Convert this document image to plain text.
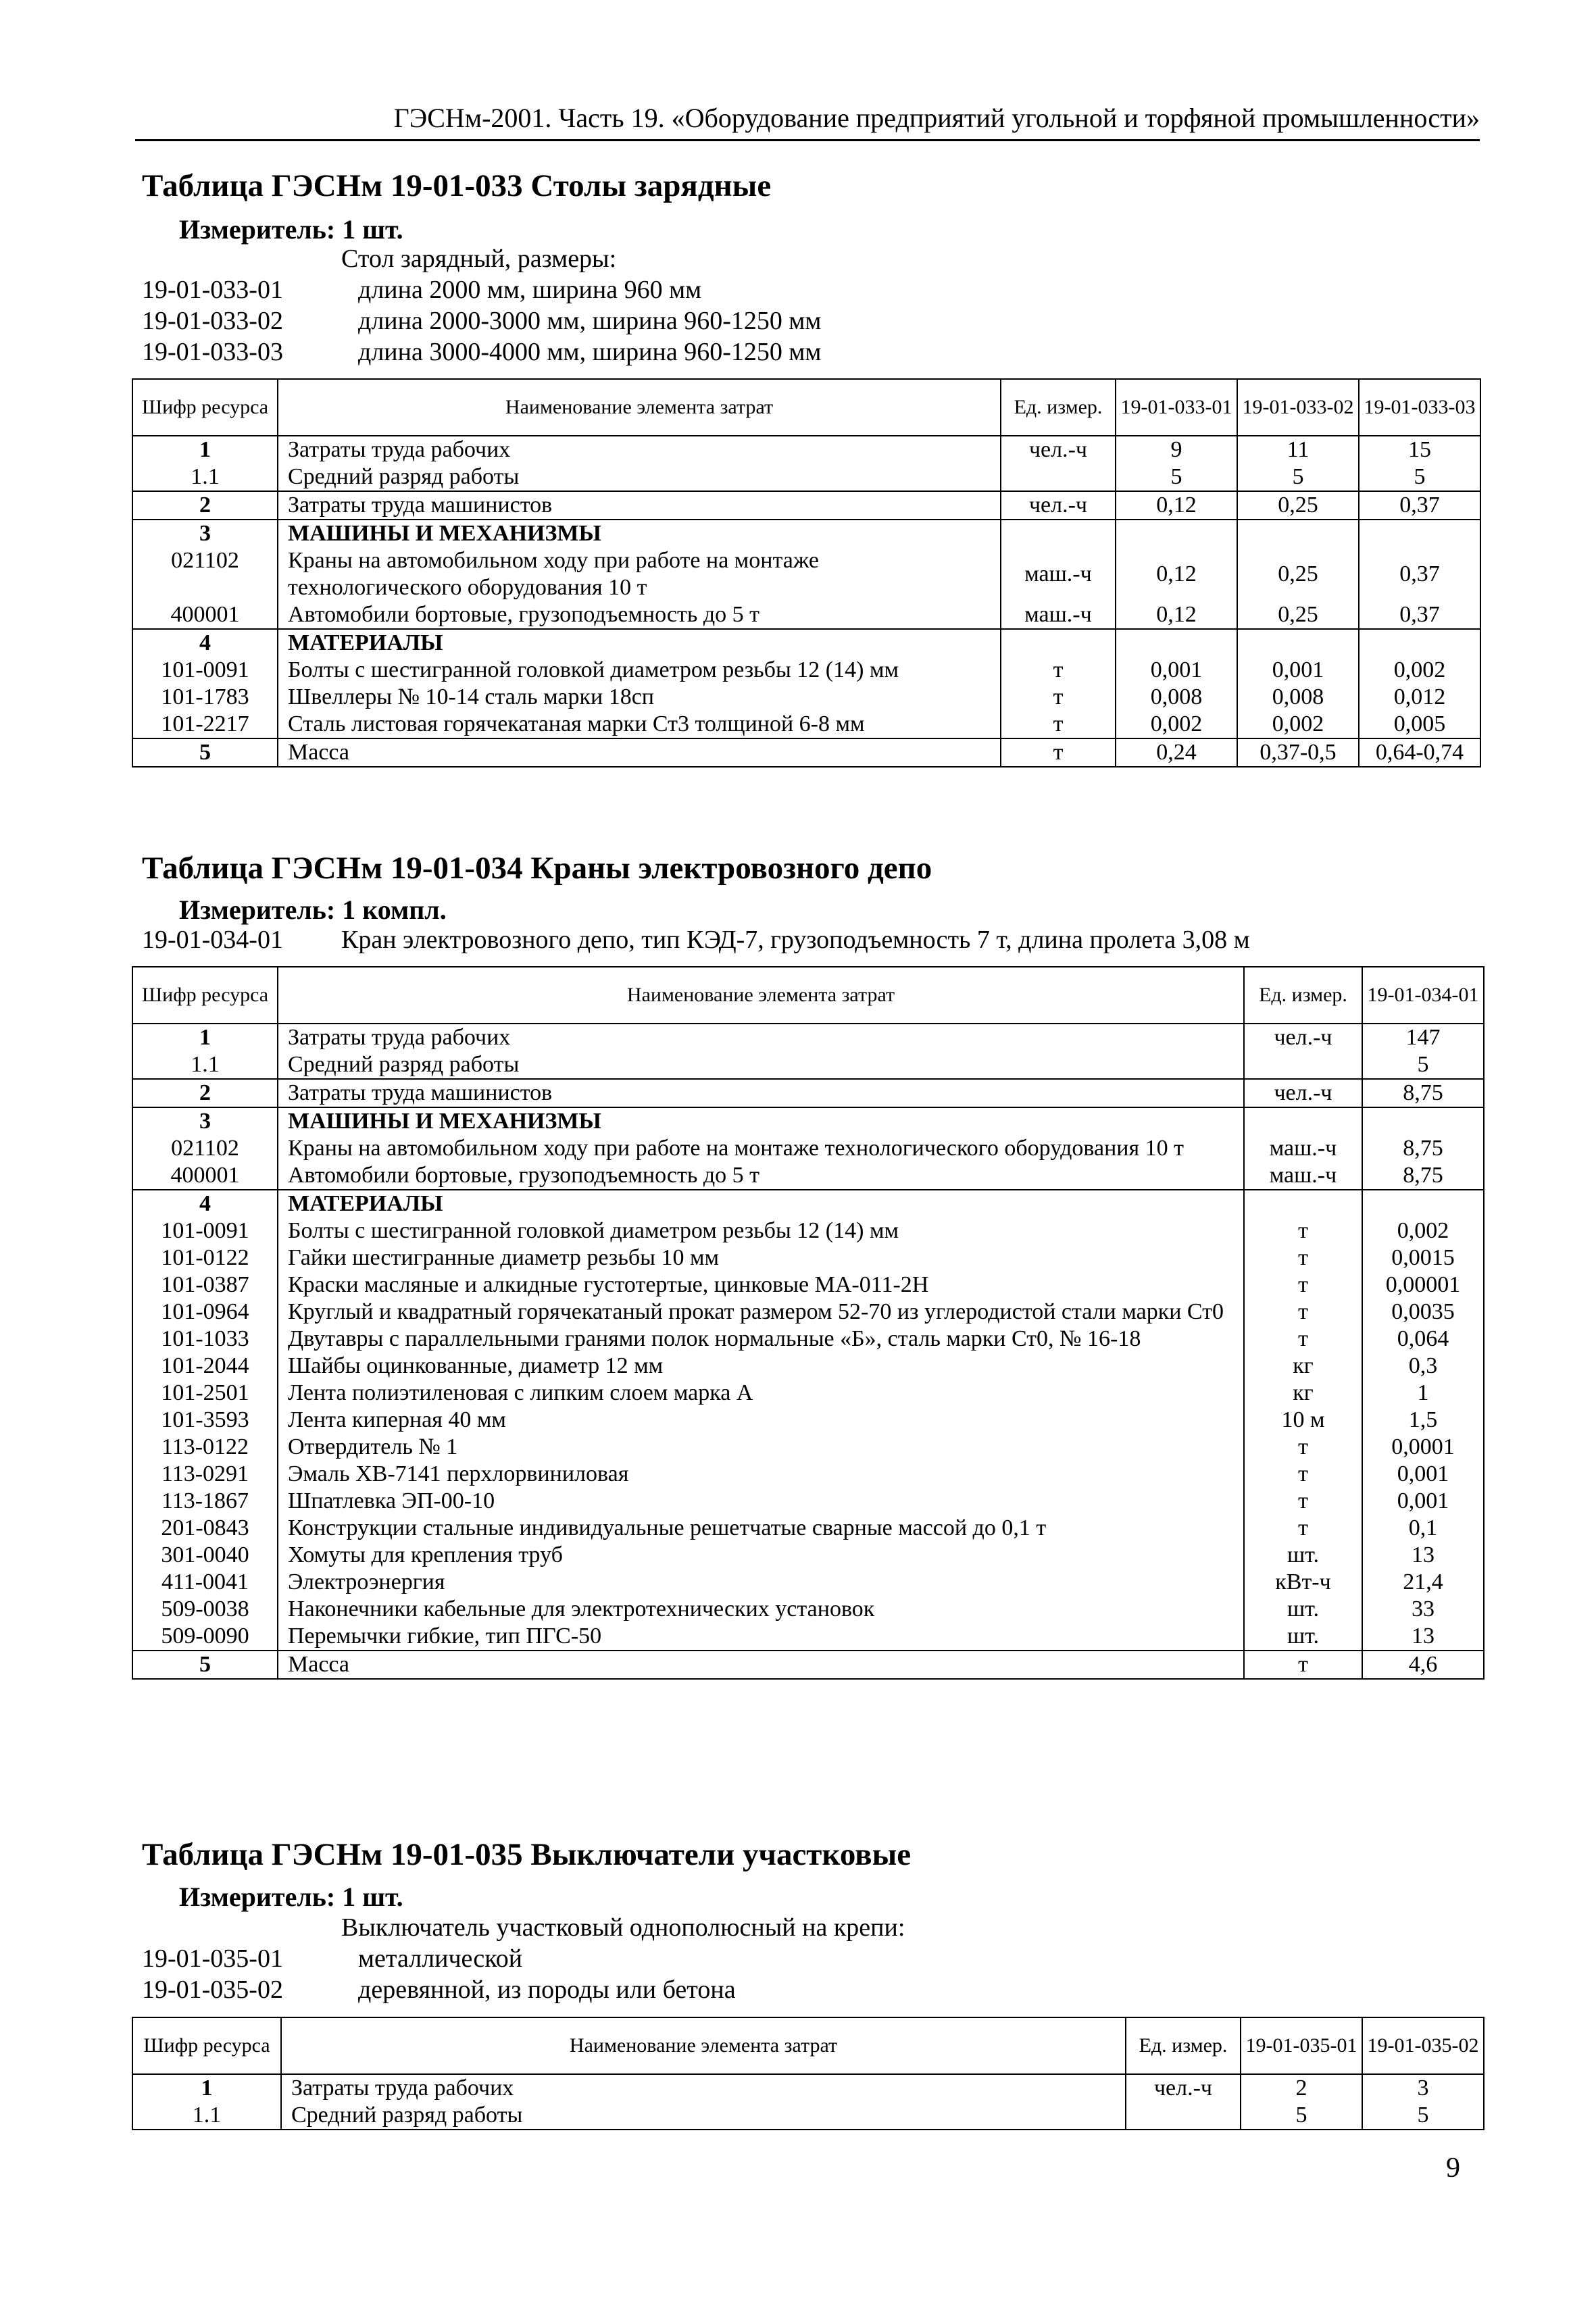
ГЭСНм-2001. Часть 19. «Оборудование предприятий угольной и торфяной промышленности»
Таблица ГЭСНм 19-01-033 Столы зарядные
Измеритель: 1 шт.
Стол зарядный, размеры:
19-01-033-01	длина 2000 мм, ширина 960 мм
19-01-033-02	длина 2000-3000 мм, ширина 960-1250 мм
19-01-033-03	длина 3000-4000 мм, ширина 960-1250 мм
Шифр ресурса	Наименование элемента затрат	Ед. измер.	19-01-033-01	19-01-033-02	19-01-033-03
1	Затраты труда рабочих	чел.-ч	9	11	15
1.1	Средний разряд работы		5	5	5
2	Затраты труда машинистов	чел.-ч	0,12	0,25	0,37
3	МАШИНЫ И МЕХАНИЗМЫ				
021102	Краны на автомобильном ходу при работе на монтаже технологического оборудования 10 т	маш.-ч	0,12	0,25	0,37
400001	Автомобили бортовые, грузоподъемность до 5 т	маш.-ч	0,12	0,25	0,37
4	МАТЕРИАЛЫ				
101-0091	Болты с шестигранной головкой диаметром резьбы 12 (14) мм	т	0,001	0,001	0,002
101-1783	Швеллеры № 10-14 сталь марки 18сп	т	0,008	0,008	0,012
101-2217	Сталь листовая горячекатаная марки Ст3 толщиной 6-8 мм	т	0,002	0,002	0,005
5	Масса	т	0,24	0,37-0,5	0,64-0,74
Таблица ГЭСНм 19-01-034 Краны электровозного депо
Измеритель: 1 компл.
19-01-034-01 Кран электровозного депо, тип КЭД-7, грузоподъемность 7 т, длина пролета 3,08 м
Шифр ресурса	Наименование элемента затрат	Ед. измер.	19-01-034-01
1	Затраты труда рабочих	чел.-ч	147
1.1	Средний разряд работы		5
2	Затраты труда машинистов	чел.-ч	8,75
3	МАШИНЫ И МЕХАНИЗМЫ		
021102	Краны на автомобильном ходу при работе на монтаже технологического оборудования 10 т	маш.-ч	8,75
400001	Автомобили бортовые, грузоподъемность до 5 т	маш.-ч	8,75
4	МАТЕРИАЛЫ		
101-0091	Болты с шестигранной головкой диаметром резьбы 12 (14) мм	т	0,002
101-0122	Гайки шестигранные диаметр резьбы 10 мм	т	0,0015
101-0387	Краски масляные и алкидные густотертые, цинковые МА-011-2Н	т	0,00001
101-0964	Круглый и квадратный горячекатаный прокат размером 52-70 из углеродистой стали марки Ст0	т	0,0035
101-1033	Двутавры с параллельными гранями полок нормальные «Б», сталь марки Ст0, № 16-18	т	0,064
101-2044	Шайбы оцинкованные, диаметр 12 мм	кг	0,3
101-2501	Лента полиэтиленовая с липким слоем марка А	кг	1
101-3593	Лента киперная 40 мм	10 м	1,5
113-0122	Отвердитель № 1	т	0,0001
113-0291	Эмаль ХВ-7141 перхлорвиниловая	т	0,001
113-1867	Шпатлевка ЭП-00-10	т	0,001
201-0843	Конструкции стальные индивидуальные решетчатые сварные массой до 0,1 т	т	0,1
301-0040	Хомуты для крепления труб	шт.	13
411-0041	Электроэнергия	кВт-ч	21,4
509-0038	Наконечники кабельные для электротехнических установок	шт.	33
509-0090	Перемычки гибкие, тип ПГС-50	шт.	13
5	Масса	т	4,6
Таблица ГЭСНм 19-01-035 Выключатели участковые
Измеритель: 1 шт.
Выключатель участковый однополюсный на крепи:
19-01-035-01	металлической
19-01-035-02	деревянной, из породы или бетона
Шифр ресурса	Наименование элемента затрат	Ед. измер.	19-01-035-01	19-01-035-02
1	Затраты труда рабочих	чел.-ч	2	3
1.1	Средний разряд работы		5	5
9
